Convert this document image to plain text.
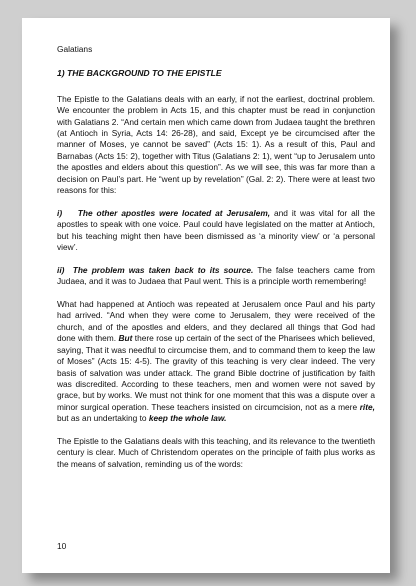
Galatians
1) THE BACKGROUND TO THE EPISTLE

The Epistle to the Galatians deals with an early, if not the earliest, doctrinal problem. We encounter the problem in Acts 15, and this chapter must be read in conjunction with Galatians 2. “And certain men which came down from Judaea taught the brethren (at Antioch in Syria, Acts 14: 26-28), and said, Except ye be circumcised after the manner of Moses, ye cannot be saved” (Acts 15: 1). As a result of this, Paul and Barnabas (Acts 15: 2), together with Titus (Galatians 2: 1), went “up to Jerusalem unto the apostles and elders about this question”. As we will see, this was far more than a decision on Paul’s part. He “went up by revelation” (Gal. 2: 2). There were at least two reasons for this:

i) The other apostles were located at Jerusalem, and it was vital for all the apostles to speak with one voice. Paul could have legislated on the matter at Antioch, but his teaching might then have been dismissed as ‘a minority view’ or ‘a personal view’.

ii) The problem was taken back to its source. The false teachers came from Judaea, and it was to Judaea that Paul went. This is a principle worth remembering!

What had happened at Antioch was repeated at Jerusalem once Paul and his party had arrived. “And when they were come to Jerusalem, they were received of the church, and of the apostles and elders, and they declared all things that God had done with them. But there rose up certain of the sect of the Pharisees which believed, saying, That it was needful to circumcise them, and to command them to keep the law of Moses” (Acts 15: 4-5). The gravity of this teaching is very clear indeed. The very basis of salvation was under attack. The grand Bible doctrine of justification by faith was discredited. According to these teachers, men and women were not saved by grace, but by works. We must not think for one moment that this was a dispute over a minor surgical operation. These teachers insisted on circumcision, not as a mere rite, but as an undertaking to keep the whole law.

The Epistle to the Galatians deals with this teaching, and its relevance to the twentieth century is clear. Much of Christendom operates on the principle of faith plus works as the means of salvation, reminding us of the words:

10
